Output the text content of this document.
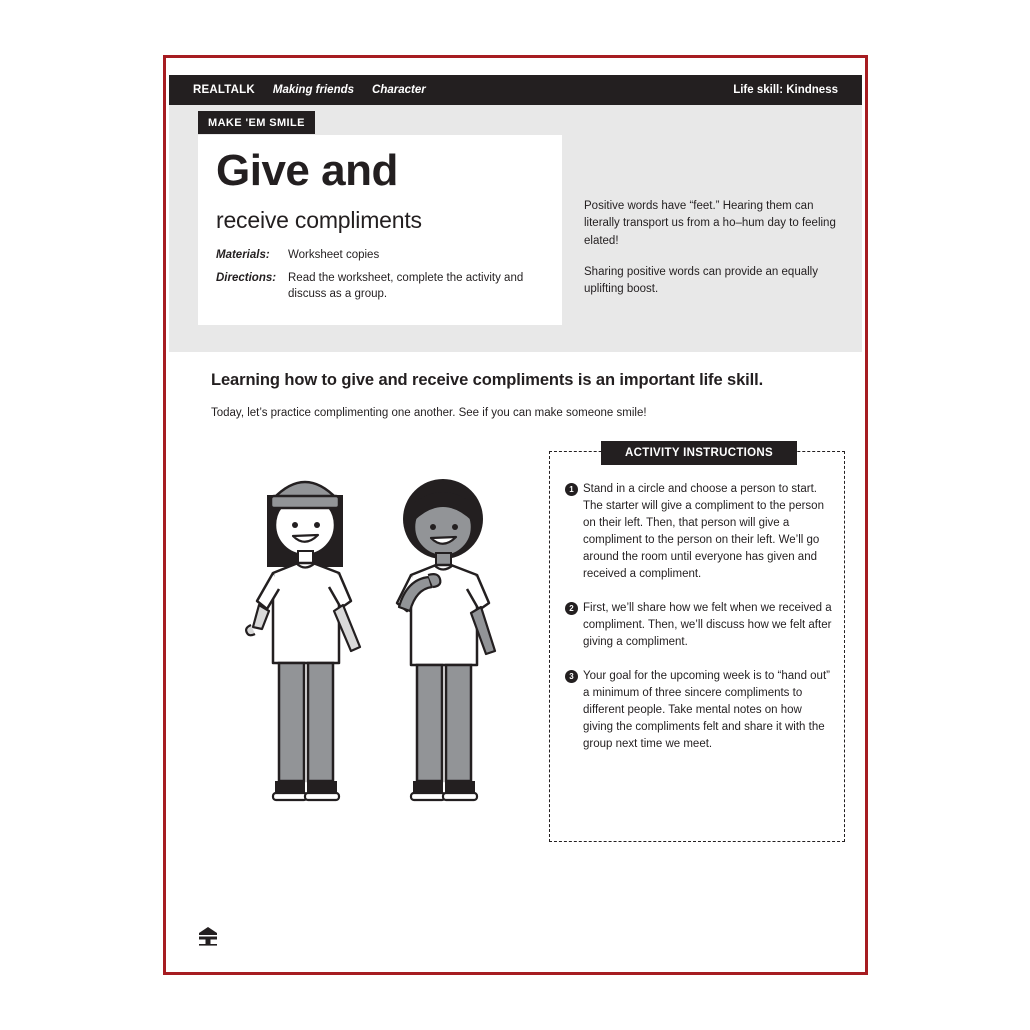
REALTALK Making friends Character	Life skill: Kindness
MAKE 'EM SMILE
Give and
receive compliments
Materials:	Worksheet copies
Directions:	Read the worksheet, complete the activity and discuss as a group.

Positive words have “feet.” Hearing them can literally transport us from a ho–hum day to feeling elated!

Sharing positive words can provide an equally uplifting boost.

Learning how to give and receive compliments is an important life skill.
Today, let’s practice complimenting one another. See if you can make someone smile!
ACTIVITY INSTRUCTIONS
1 Stand in a circle and choose a person to start. The starter will give a compliment to the person on their left. Then, that person will give a compliment to the person on their left. We’ll go around the room until everyone has given and received a compliment.
2 First, we’ll share how we felt when we received a compliment. Then, we’ll discuss how we felt after giving a compliment.
3 Your goal for the upcoming week is to “hand out” a minimum of three sincere compliments to different people. Take mental notes on how giving the compliments felt and share it with the group next time we meet.
